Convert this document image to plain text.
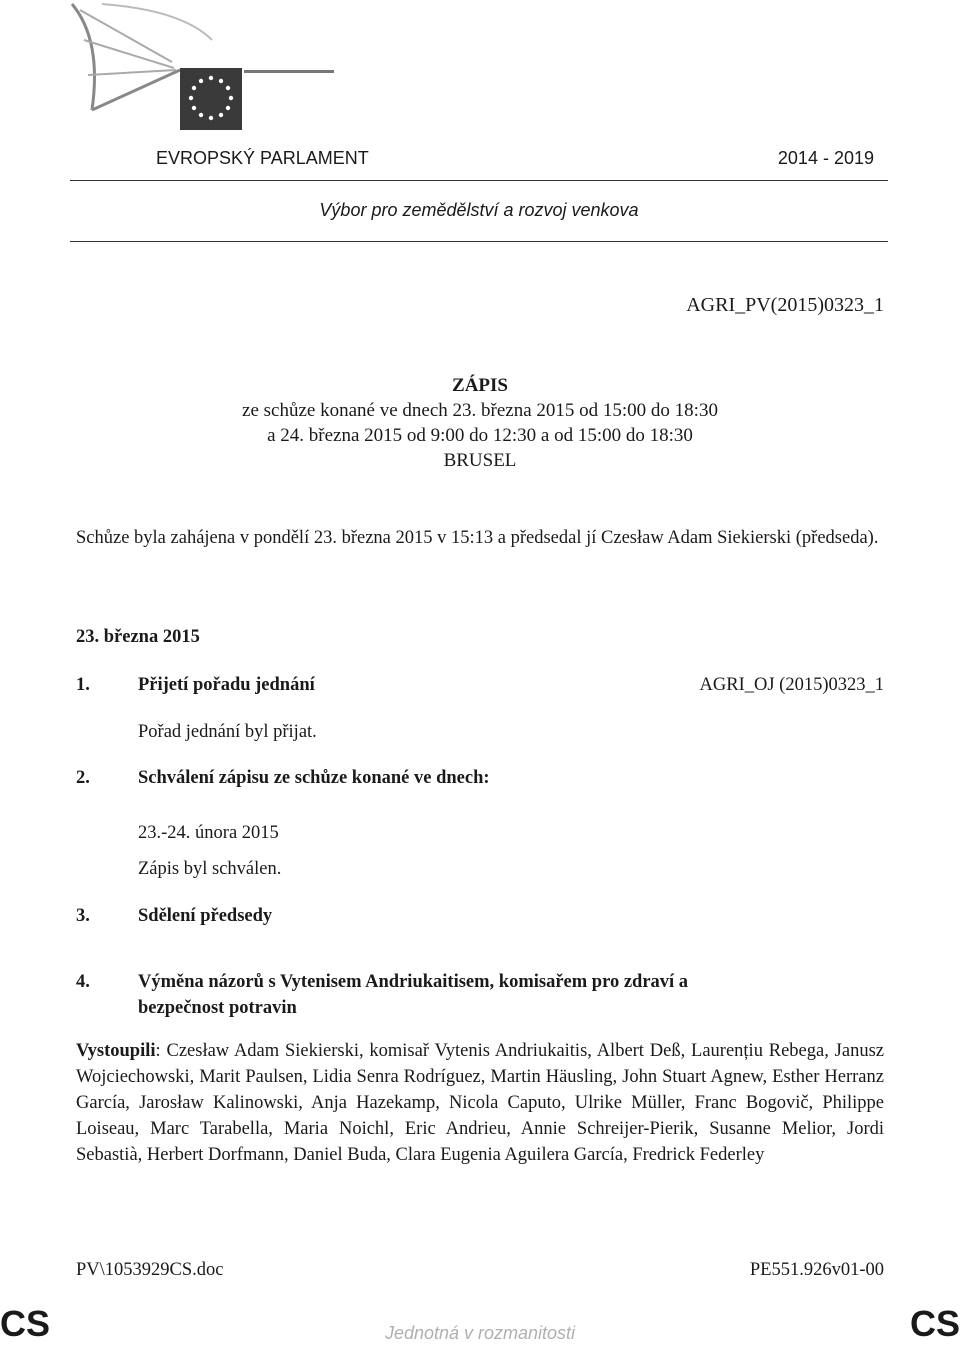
EVROPSKÝ PARLAMENT	2014 - 2019
Výbor pro zemědělství a rozvoj venkova
AGRI_PV(2015)0323_1
ZÁPIS
ze schůze konané ve dnech 23. března 2015 od 15:00 do 18:30
a 24. března 2015 od 9:00 do 12:30 a od 15:00 do 18:30
BRUSEL
Schůze byla zahájena v pondělí 23. března 2015 v 15:13 a předsedal jí Czesław Adam Siekierski (předseda).
23. března 2015
1.	Přijetí pořadu jednání	AGRI_OJ (2015)0323_1
Pořad jednání byl přijat.
2.	Schválení zápisu ze schůze konané ve dnech:
23.-24. února 2015
Zápis byl schválen.
3.	Sdělení předsedy
4.	Výměna názorů s Vytenisem Andriukaitisem, komisařem pro zdraví a
bezpečnost potravin
Vystoupili: Czesław Adam Siekierski, komisař Vytenis Andriukaitis, Albert Deß, Laurențiu Rebega, Janusz Wojciechowski, Marit Paulsen, Lidia Senra Rodríguez, Martin Häusling, John Stuart Agnew, Esther Herranz García, Jarosław Kalinowski, Anja Hazekamp, Nicola Caputo, Ulrike Müller, Franc Bogovič, Philippe Loiseau, Marc Tarabella, Maria Noichl, Eric Andrieu, Annie Schreijer-Pierik, Susanne Melior, Jordi Sebastià, Herbert Dorfmann, Daniel Buda, Clara Eugenia Aguilera García, Fredrick Federley
PV\1053929CS.doc	PE551.926v01-00
CS	Jednotná v rozmanitosti	CS
